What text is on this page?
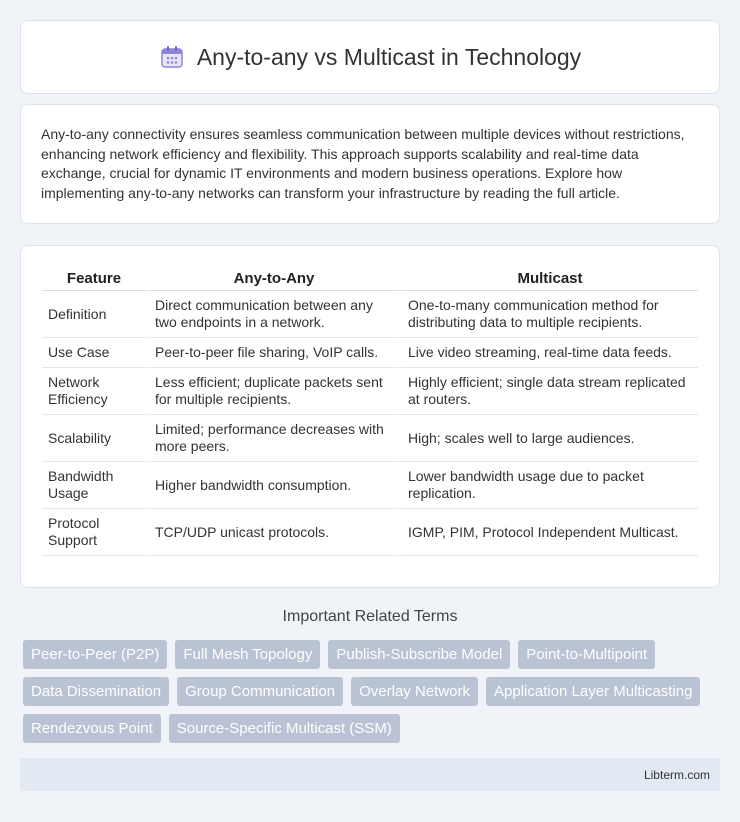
Any-to-any vs Multicast in Technology

Any-to-any connectivity ensures seamless communication between multiple devices without restrictions, enhancing network efficiency and flexibility. This approach supports scalability and real-time data exchange, crucial for dynamic IT environments and modern business operations. Explore how implementing any-to-any networks can transform your infrastructure by reading the full article.

Feature	Any-to-Any	Multicast
Definition	Direct communication between any two endpoints in a network.	One-to-many communication method for distributing data to multiple recipients.
Use Case	Peer-to-peer file sharing, VoIP calls.	Live video streaming, real-time data feeds.
Network Efficiency	Less efficient; duplicate packets sent for multiple recipients.	Highly efficient; single data stream replicated at routers.
Scalability	Limited; performance decreases with more peers.	High; scales well to large audiences.
Bandwidth Usage	Higher bandwidth consumption.	Lower bandwidth usage due to packet replication.
Protocol Support	TCP/UDP unicast protocols.	IGMP, PIM, Protocol Independent Multicast.
Important Related Terms
Peer-to-Peer (P2P)	Full Mesh Topology	Publish-Subscribe Model	Point-to-Multipoint
Data Dissemination	Group Communication	Overlay Network	Application Layer Multicasting
Rendezvous Point	Source-Specific Multicast (SSM)
Libterm.com
